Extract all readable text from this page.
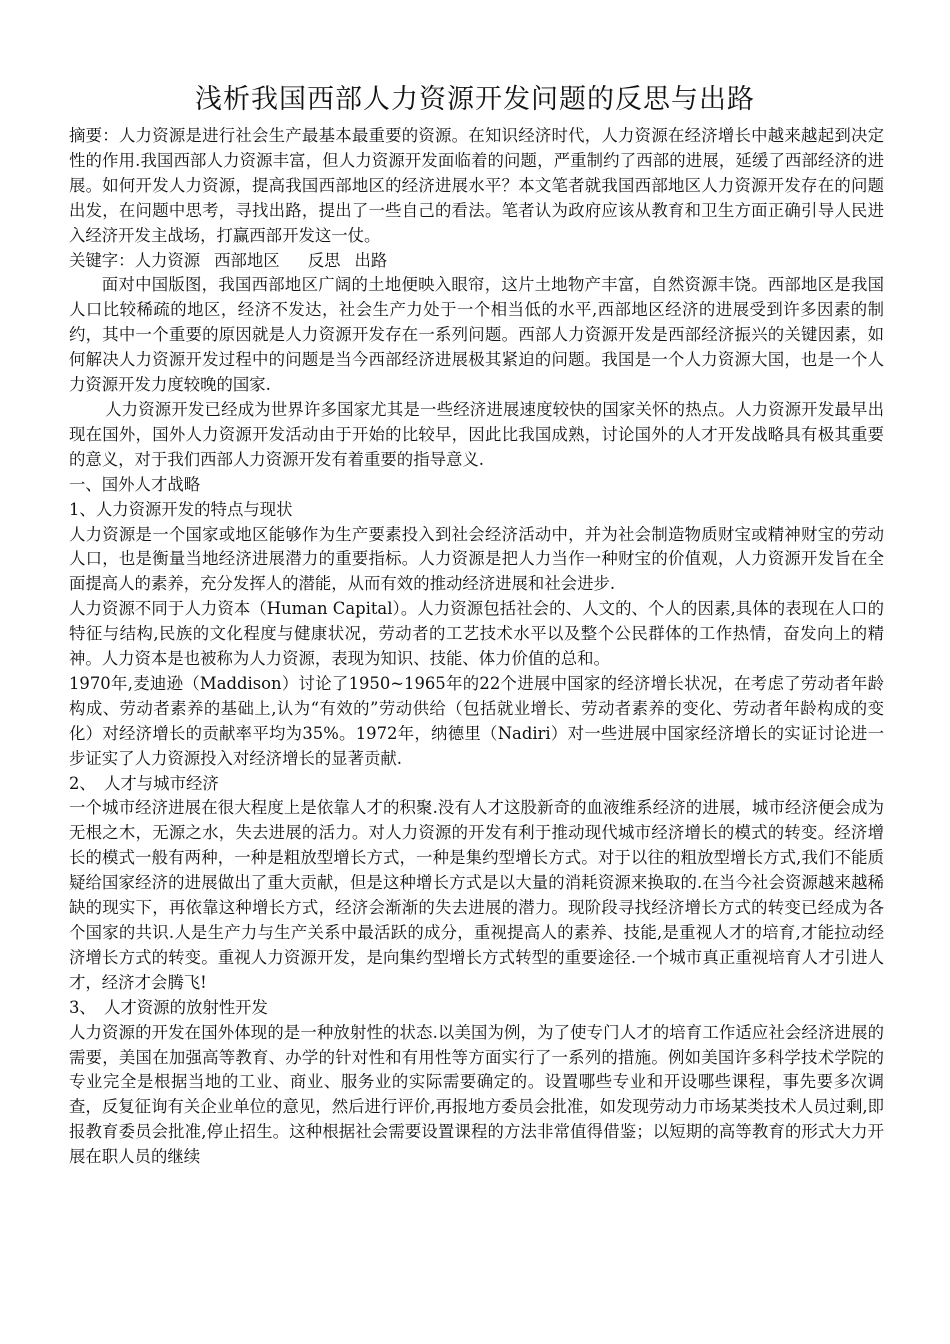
浅析我国西部人力资源开发问题的反思与出路

摘要：人力资源是进行社会生产最基本最重要的资源。在知识经济时代，人力资源在经济增长中越来越起到决定性的作用.我国西部人力资源丰富，但人力资源开发面临着的问题，严重制约了西部的进展，延缓了西部经济的进展。如何开发人力资源，提高我国西部地区的经济进展水平？本文笔者就我国西部地区人力资源开发存在的问题出发，在问题中思考，寻找出路，提出了一些自己的看法。笔者认为政府应该从教育和卫生方面正确引导人民进入经济开发主战场，打赢西部开发这一仗。

关键字：人力资源 西部地区 反思 出路

面对中国版图，我国西部地区广阔的土地便映入眼帘，这片土地物产丰富，自然资源丰饶。西部地区是我国人口比较稀疏的地区，经济不发达，社会生产力处于一个相当低的水平,西部地区经济的进展受到许多因素的制约，其中一个重要的原因就是人力资源开发存在一系列问题。西部人力资源开发是西部经济振兴的关键因素，如何解决人力资源开发过程中的问题是当今西部经济进展极其紧迫的问题。我国是一个人力资源大国，也是一个人力资源开发力度较晚的国家.

人力资源开发已经成为世界许多国家尤其是一些经济进展速度较快的国家关怀的热点。人力资源开发最早出现在国外，国外人力资源开发活动由于开始的比较早，因此比我国成熟，讨论国外的人才开发战略具有极其重要的意义，对于我们西部人力资源开发有着重要的指导意义.

一、国外人才战略

1、人力资源开发的特点与现状

人力资源是一个国家或地区能够作为生产要素投入到社会经济活动中，并为社会制造物质财宝或精神财宝的劳动人口，也是衡量当地经济进展潜力的重要指标。人力资源是把人力当作一种财宝的价值观，人力资源开发旨在全面提高人的素养，充分发挥人的潜能，从而有效的推动经济进展和社会进步.

人力资源不同于人力资本（Human Capital）。人力资源包括社会的、人文的、个人的因素,具体的表现在人口的特征与结构,民族的文化程度与健康状况，劳动者的工艺技术水平以及整个公民群体的工作热情，奋发向上的精神。人力资本是也被称为人力资源，表现为知识、技能、体力价值的总和。

1970年,麦迪逊（Maddison）讨论了1950~1965年的22个进展中国家的经济增长状况，在考虑了劳动者年龄构成、劳动者素养的基础上,认为“有效的”劳动供给（包括就业增长、劳动者素养的变化、劳动者年龄构成的变化）对经济增长的贡献率平均为35%。1972年，纳德里（Nadiri）对一些进展中国家经济增长的实证讨论进一步证实了人力资源投入对经济增长的显著贡献.

2、　人才与城市经济

一个城市经济进展在很大程度上是依靠人才的积聚.没有人才这股新奇的血液维系经济的进展，城市经济便会成为无根之木，无源之水，失去进展的活力。对人力资源的开发有利于推动现代城市经济增长的模式的转变。经济增长的模式一般有两种，一种是粗放型增长方式，一种是集约型增长方式。对于以往的粗放型增长方式,我们不能质疑给国家经济的进展做出了重大贡献，但是这种增长方式是以大量的消耗资源来换取的.在当今社会资源越来越稀缺的现实下，再依靠这种增长方式，经济会渐渐的失去进展的潜力。现阶段寻找经济增长方式的转变已经成为各个国家的共识.人是生产力与生产关系中最活跃的成分，重视提高人的素养、技能,是重视人才的培育,才能拉动经济增长方式的转变。重视人力资源开发，是向集约型增长方式转型的重要途径.一个城市真正重视培育人才引进人才，经济才会腾飞!

3、　人才资源的放射性开发

人力资源的开发在国外体现的是一种放射性的状态.以美国为例，为了使专门人才的培育工作适应社会经济进展的需要，美国在加强高等教育、办学的针对性和有用性等方面实行了一系列的措施。例如美国许多科学技术学院的专业完全是根据当地的工业、商业、服务业的实际需要确定的。设置哪些专业和开设哪些课程，事先要多次调查，反复征询有关企业单位的意见，然后进行评价,再报地方委员会批准，如发现劳动力市场某类技术人员过剩,即报教育委员会批准,停止招生。这种根据社会需要设置课程的方法非常值得借鉴；以短期的高等教育的形式大力开展在职人员的继续
